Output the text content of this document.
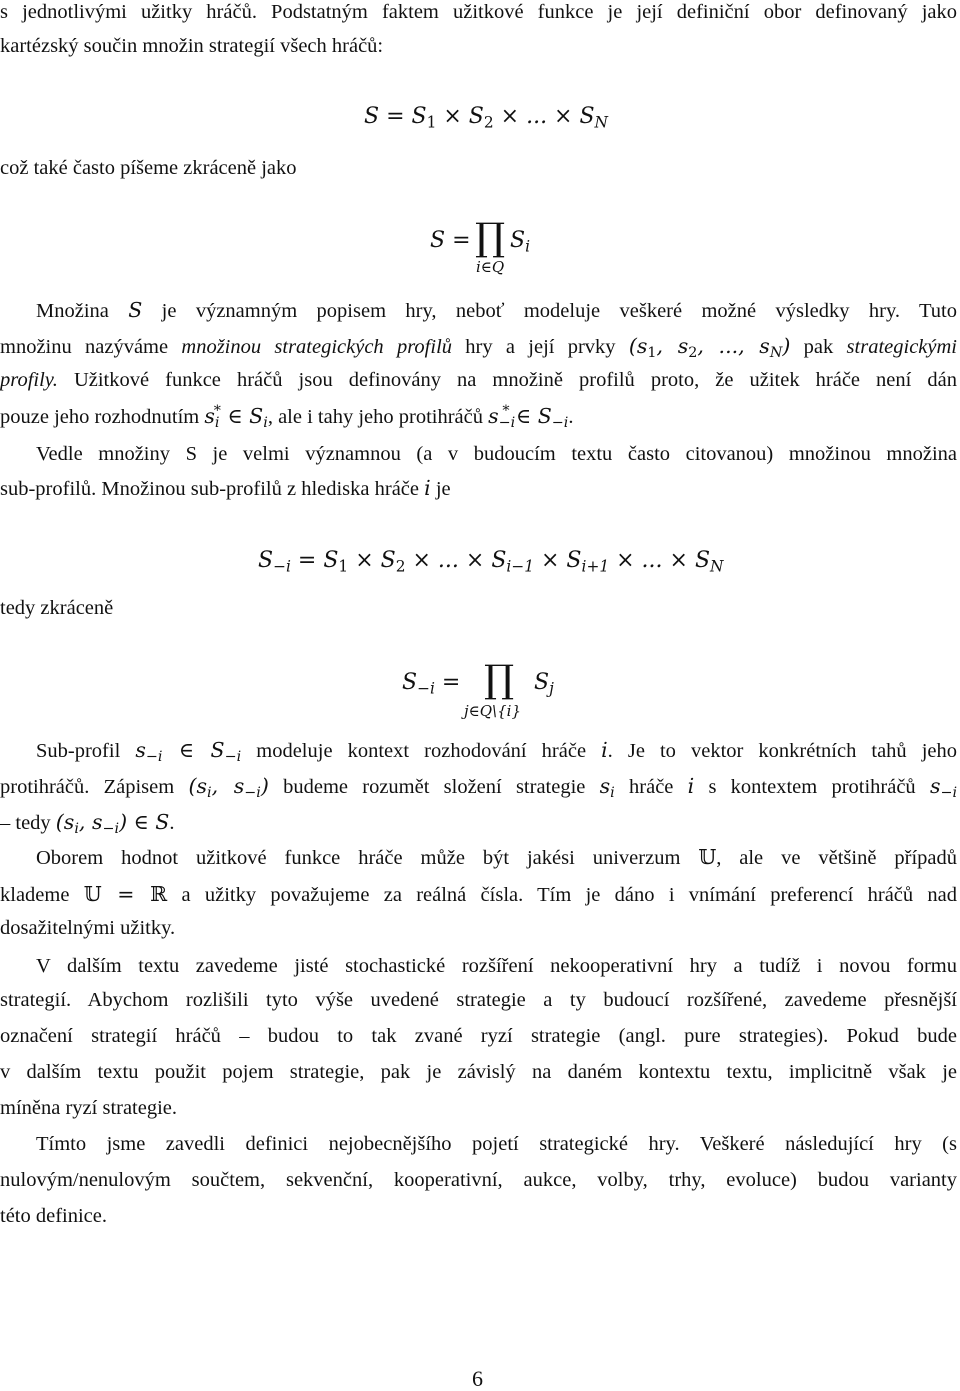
s jednotlivými užitky hráčů. Podstatným faktem užitkové funkce je její definiční obor definovaný jako
kartézský součin množin strategií všech hráčů:
$S = S_1 \times S_2$ × ... × $S_N$
což také často píšeme zkráceně jako
S = ∏ $S_i$
i∈Q
Množina S je významným popisem hry, neboť modeluje veškeré možné výsledky hry. Tuto
množinu nazýváme množinou strategických profilů hry a její prvky ($s_1$, $s_2$, ..., $s_N$) pak strategickými
profily. Užitkové funkce hráčů jsou definovány na množině profilů proto, že užitek hráče není dán
pouze jeho rozhodnutím $s_i^*$ ∈ $S_i$, ale i tahy jeho protihráčů $s_{-i}^*$ ∈ $S_{-i}$.
Vedle množiny S je velmi významnou (a v budoucím textu často citovanou) množinou množina
sub-profilů. Množinou sub-profilů z hlediska hráče i je
$S_{-i} = S_1 \times S_2$ × ... × $S_{i-1} \times S_{i+1}$ × ... × $S_N$
tedy zkráceně
$S_{-i}$ = ∏ $S_j$
j∈Q\{i}
Sub-profil $s_{-i}$ ∈ $S_{-i}$ modeluje kontext rozhodování hráče i. Je to vektor konkrétních tahů jeho
protihráčů. Zápisem ($s_i$, $s_{-i}$) budeme rozumět složení strategie $s_i$ hráče i s kontextem protihráčů $s_{-i}$
– tedy ($s_i$, $s_{-i}$) ∈ S.
Oborem hodnot užitkové funkce hráče může být jakési univerzum 𝕌, ale ve většině případů
klademe 𝕌 = ℝ a užitky považujeme za reálná čísla. Tím je dáno i vnímání preferencí hráčů nad
dosažitelnými užitky.
V dalším textu zavedeme jisté stochastické rozšíření nekooperativní hry a tudíž i novou formu
strategií. Abychom rozlišili tyto výše uvedené strategie a ty budoucí rozšířené, zavedeme přesnější
označení strategií hráčů – budou to tak zvané ryzí strategie (angl. pure strategies). Pokud bude
v dalším textu použit pojem strategie, pak je závislý na daném kontextu textu, implicitně však je
míněna ryzí strategie.
Tímto jsme zavedli definici nejobecnějšího pojetí strategické hry. Veškeré následující hry (s
nulovým/nenulovým součtem, sekvenční, kooperativní, aukce, volby, trhy, evoluce) budou varianty
této definice.
6
